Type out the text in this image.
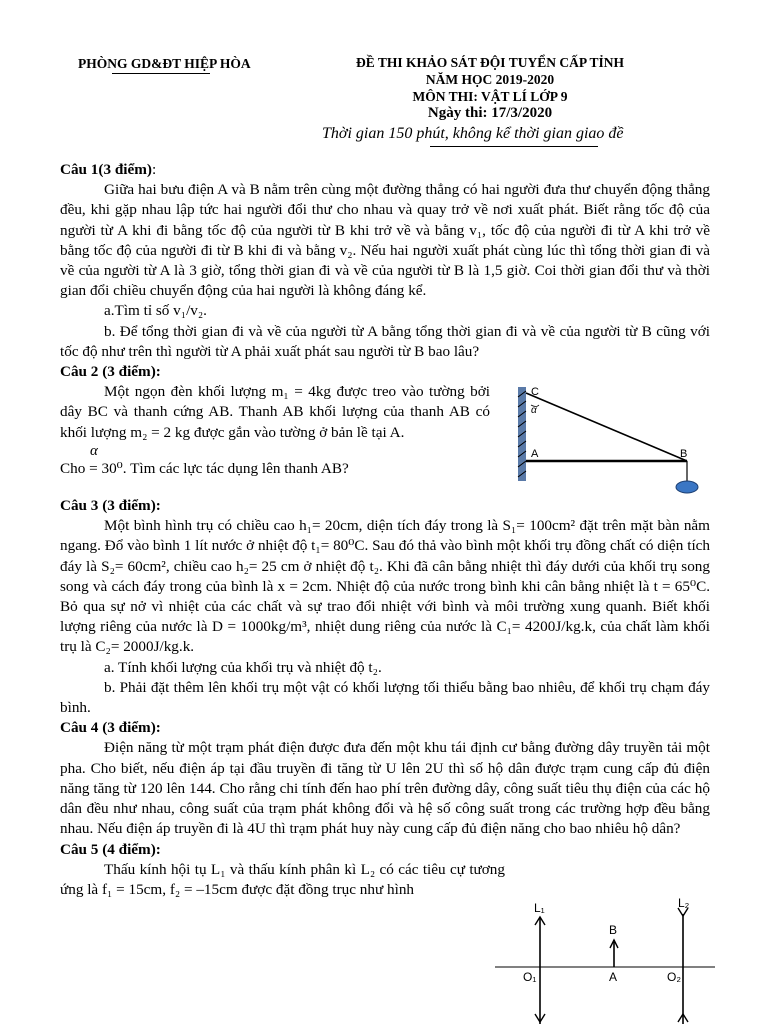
PHÒNG GD&ĐT HIỆP HÒA	ĐỀ THI KHẢO SÁT ĐỘI TUYỂN CẤP TỈNH
NĂM HỌC 2019-2020
MÔN THI: VẬT LÍ LỚP 9
Ngày thi: 17/3/2020
Thời gian 150 phút, không kể thời gian giao đề

Câu 1(3 điểm):

Giữa hai bưu điện A và B nằm trên cùng một đường thẳng có hai người đưa thư chuyển động thẳng đều, khi gặp nhau lập tức hai người đổi thư cho nhau và quay trở về nơi xuất phát. Biết rằng tốc độ của người từ A khi đi bằng tốc độ của người từ B khi trở về và bằng v₁, tốc độ của người đi từ A khi trở về bằng tốc độ của người đi từ B khi đi và bằng v₂. Nếu hai người xuất phát cùng lúc thì tổng thời gian đi và về của người từ A là 3 giờ, tổng thời gian đi và về của người từ B là 1,5 giờ. Coi thời gian đổi thư và thời gian đổi chiều chuyển động của hai người là không đáng kể.

a.Tìm tỉ số v₁/v₂.

b. Để tổng thời gian đi và về của người từ A bằng tổng thời gian đi và về của người từ B cũng với tốc độ như trên thì người từ A phải xuất phát sau người từ B bao lâu?

Câu 2 (3 điểm):

Một ngọn đèn khối lượng m₁ = 4kg được treo vào tường bởi dây BC và thanh cứng AB. Thanh AB khối lượng của thanh AB có khối lượng m₂ = 2 kg được gắn vào tường ở bản lề tại A.

α

Cho = 30⁰. Tìm các lực tác dụng lên thanh AB?

Câu 3 (3 điểm):

Một bình hình trụ có chiều cao h₁= 20cm, diện tích đáy trong là S₁= 100cm² đặt trên mặt bàn nằm ngang. Đổ vào bình 1 lít nước ở nhiệt độ t₁= 80⁰C. Sau đó thả vào bình một khối trụ đồng chất có diện tích đáy là S₂= 60cm², chiều cao h₂= 25 cm ở nhiệt độ t₂. Khi đã cân bằng nhiệt thì đáy dưới của khối trụ song song và cách đáy trong của bình là x = 2cm. Nhiệt độ của nước trong bình khi cân bằng nhiệt là t = 65⁰C. Bỏ qua sự nở vì nhiệt của các chất và sự trao đổi nhiệt với bình và môi trường xung quanh. Biết khối lượng riêng của nước là D = 1000kg/m³, nhiệt dung riêng của nước là C₁= 4200J/kg.k, của chất làm khối trụ là C₂= 2000J/kg.k.

a. Tính khối lượng của khối trụ và nhiệt độ t₂.

b. Phải đặt thêm lên khối trụ một vật có khối lượng tối thiểu bằng bao nhiêu, để khối trụ chạm đáy bình.

Câu 4 (3 điểm):

Điện năng từ một trạm phát điện được đưa đến một khu tái định cư bằng đường dây truyền tải một pha. Cho biết, nếu điện áp tại đầu truyền đi tăng từ U lên 2U thì số hộ dân được trạm cung cấp đủ điện năng tăng từ 120 lên 144. Cho rằng chi tính đến hao phí trên đường dây, công suất tiêu thụ điện của các hộ dân đều như nhau, công suất của trạm phát không đổi và hệ số công suất trong các trường hợp đều bằng nhau. Nếu điện áp truyền đi là 4U thì trạm phát huy này cung cấp đủ điện năng cho bao nhiêu hộ dân?

Câu 5 (4 điểm):

Thấu kính hội tụ L₁ và thấu kính phân kì L₂ có các tiêu cự tương ứng là f₁ = 15cm, f₂ = –15cm được đặt đồng trục như hình

C
α
A	B
L₁	L₂
B
O₁	A	O₂
